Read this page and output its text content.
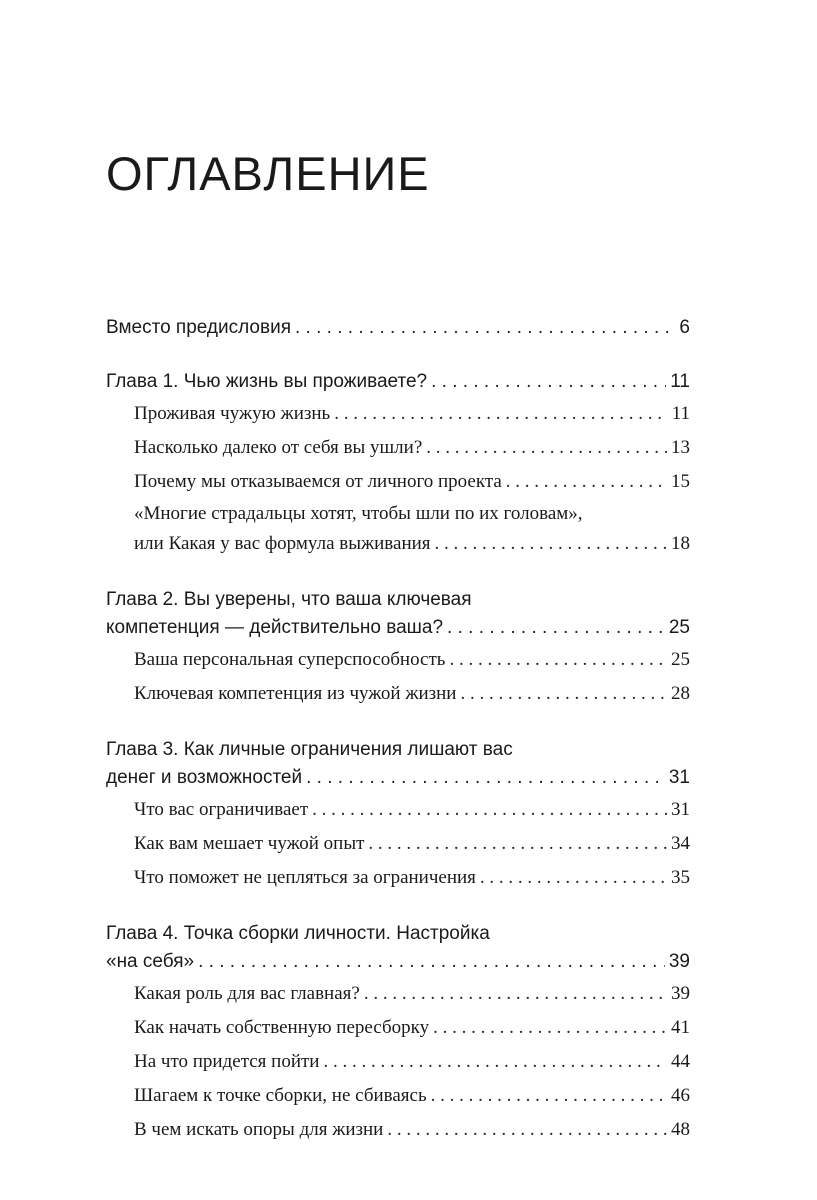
ОГЛАВЛЕНИЕ
Вместо предисловия . . .	6
Глава 1. Чью жизнь вы проживаете? . . .	11
Проживая чужую жизнь . . .	11
Насколько далеко от себя вы ушли? . . .	13
Почему мы отказываемся от личного проекта . . .	15
«Многие страдальцы хотят, чтобы шли по их головам»,
или Какая у вас формула выживания . . .	18
Глава 2. Вы уверены, что ваша ключевая
компетенция — действительно ваша? . . .	25
Ваша персональная суперспособность . . .	25
Ключевая компетенция из чужой жизни . . .	28
Глава 3. Как личные ограничения лишают вас
денег и возможностей . . .	31
Что вас ограничивает . . .	31
Как вам мешает чужой опыт . . .	34
Что поможет не цепляться за ограничения . . .	35
Глава 4. Точка сборки личности. Настройка
«на себя» . . .	39
Какая роль для вас главная? . . .	39
Как начать собственную пересборку . . .	41
На что придется пойти . . .	44
Шагаем к точке сборки, не сбиваясь . . .	46
В чем искать опоры для жизни . . .	48
